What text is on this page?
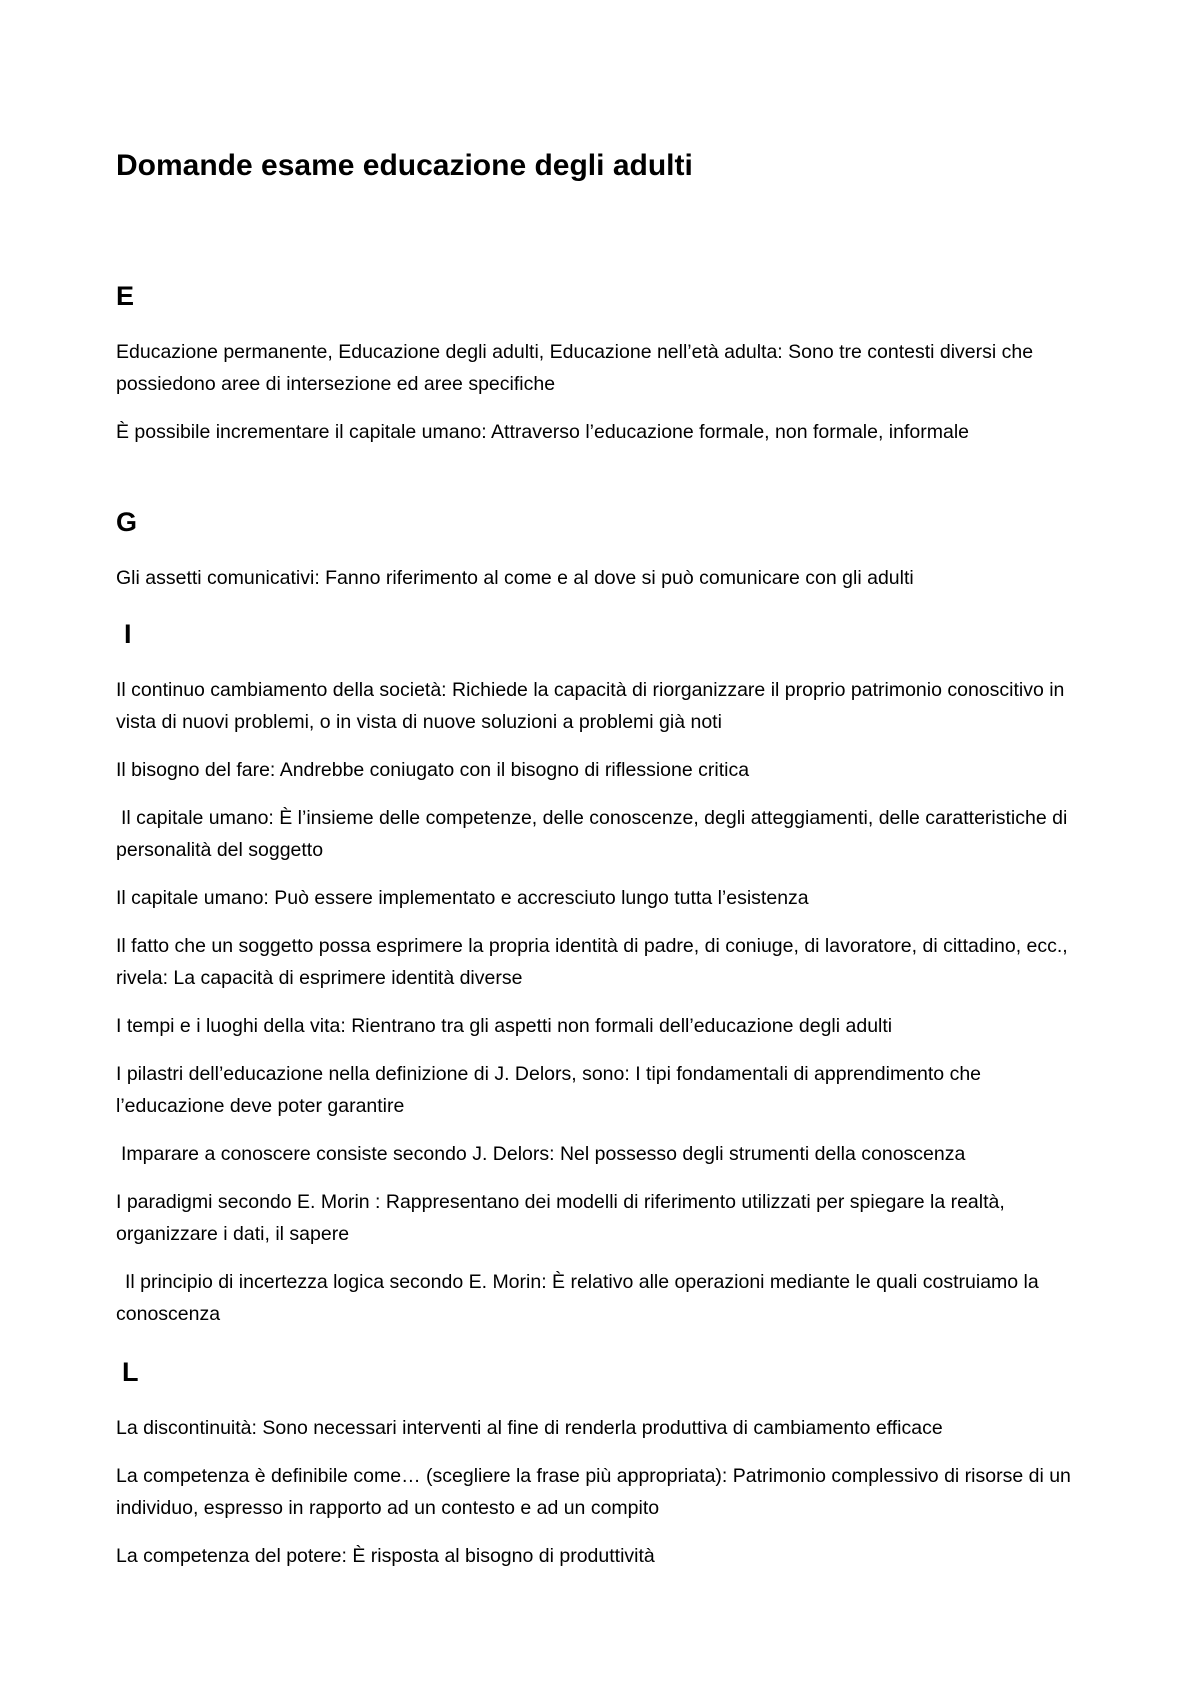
Domande esame educazione degli adulti
E

Educazione permanente, Educazione degli adulti, Educazione nell’età adulta: Sono tre contesti diversi che possiedono aree di intersezione ed aree specifiche

È possibile incrementare il capitale umano: Attraverso l’educazione formale, non formale, informale

G

Gli assetti comunicativi: Fanno riferimento al come e al dove si può comunicare con gli adulti

I

Il continuo cambiamento della società: Richiede la capacità di riorganizzare il proprio patrimonio conoscitivo in vista di nuovi problemi, o in vista di nuove soluzioni a problemi già noti

Il bisogno del fare: Andrebbe coniugato con il bisogno di riflessione critica

Il capitale umano: È l’insieme delle competenze, delle conoscenze, degli atteggiamenti, delle caratteristiche di personalità del soggetto

Il capitale umano: Può essere implementato e accresciuto lungo tutta l’esistenza

Il fatto che un soggetto possa esprimere la propria identità di padre, di coniuge, di lavoratore, di cittadino, ecc., rivela: La capacità di esprimere identità diverse

I tempi e i luoghi della vita: Rientrano tra gli aspetti non formali dell’educazione degli adulti

I pilastri dell’educazione nella definizione di J. Delors, sono: I tipi fondamentali di apprendimento che l’educazione deve poter garantire

Imparare a conoscere consiste secondo J. Delors: Nel possesso degli strumenti della conoscenza

I paradigmi secondo E. Morin : Rappresentano dei modelli di riferimento utilizzati per spiegare la realtà, organizzare i dati, il sapere

Il principio di incertezza logica secondo E. Morin: È relativo alle operazioni mediante le quali costruiamo la conoscenza

L

La discontinuità: Sono necessari interventi al fine di renderla produttiva di cambiamento efficace

La competenza è definibile come… (scegliere la frase più appropriata): Patrimonio complessivo di risorse di un individuo, espresso in rapporto ad un contesto e ad un compito

La competenza del potere: È risposta al bisogno di produttività
